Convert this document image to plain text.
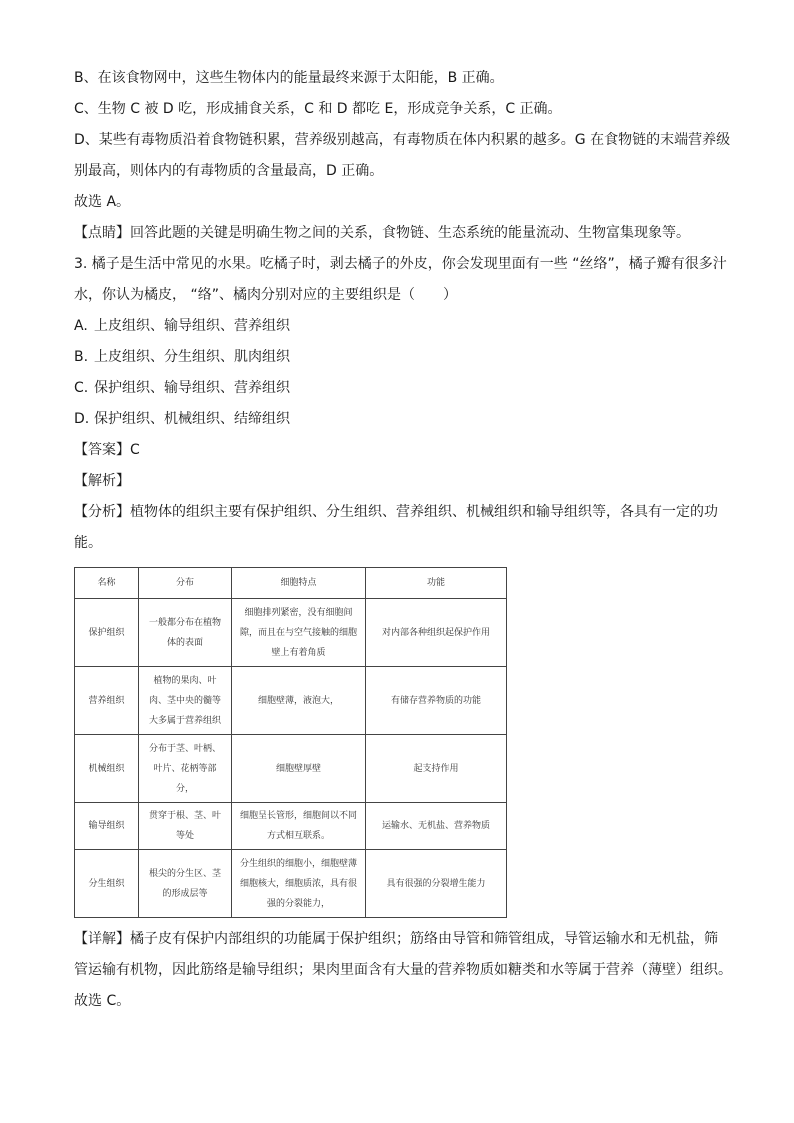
B、在该食物网中，这些生物体内的能量最终来源于太阳能，B 正确。
C、生物 C 被 D 吃，形成捕食关系，C 和 D 都吃 E，形成竞争关系，C 正确。
D、某些有毒物质沿着食物链积累，营养级别越高，有毒物质在体内积累的越多。G 在食物链的末端营养级
别最高，则体内的有毒物质的含量最高，D 正确。
故选 A。
【点睛】回答此题的关键是明确生物之间的关系，食物链、生态系统的能量流动、生物富集现象等。
3. 橘子是生活中常见的水果。吃橘子时，剥去橘子的外皮，你会发现里面有一些 “丝络”，橘子瓣有很多汁
水，你认为橘皮， “络”、橘肉分别对应的主要组织是（　　）
A. 上皮组织、输导组织、营养组织
B. 上皮组织、分生组织、肌肉组织
C. 保护组织、输导组织、营养组织
D. 保护组织、机械组织、结缔组织
【答案】C
【解析】
【分析】植物体的组织主要有保护组织、分生组织、营养组织、机械组织和输导组织等，各具有一定的功
能。
名称	分布	细胞特点	功能
保护组织	一般都分布在植物体的表面	细胞排列紧密，没有细胞间隙，而且在与空气接触的细胞壁上有着角质	对内部各种组织起保护作用
营养组织	植物的果肉、叶肉、茎中央的髓等大多属于营养组织	细胞壁薄，液泡大，	有储存营养物质的功能
机械组织	分布于茎、叶柄、叶片、花柄等部分，	细胞壁厚壁	起支持作用
输导组织	贯穿于根、茎、叶等处	细胞呈长管形，细胞间以不同方式相互联系。	运输水、无机盐、营养物质
分生组织	根尖的分生区、茎的形成层等	分生组织的细胞小，细胞壁薄细胞核大，细胞质浓，具有很强的分裂能力，	具有很强的分裂增生能力
【详解】橘子皮有保护内部组织的功能属于保护组织；筋络由导管和筛管组成，导管运输水和无机盐，筛
管运输有机物，因此筋络是输导组织；果肉里面含有大量的营养物质如糖类和水等属于营养（薄壁）组织。
故选 C。
